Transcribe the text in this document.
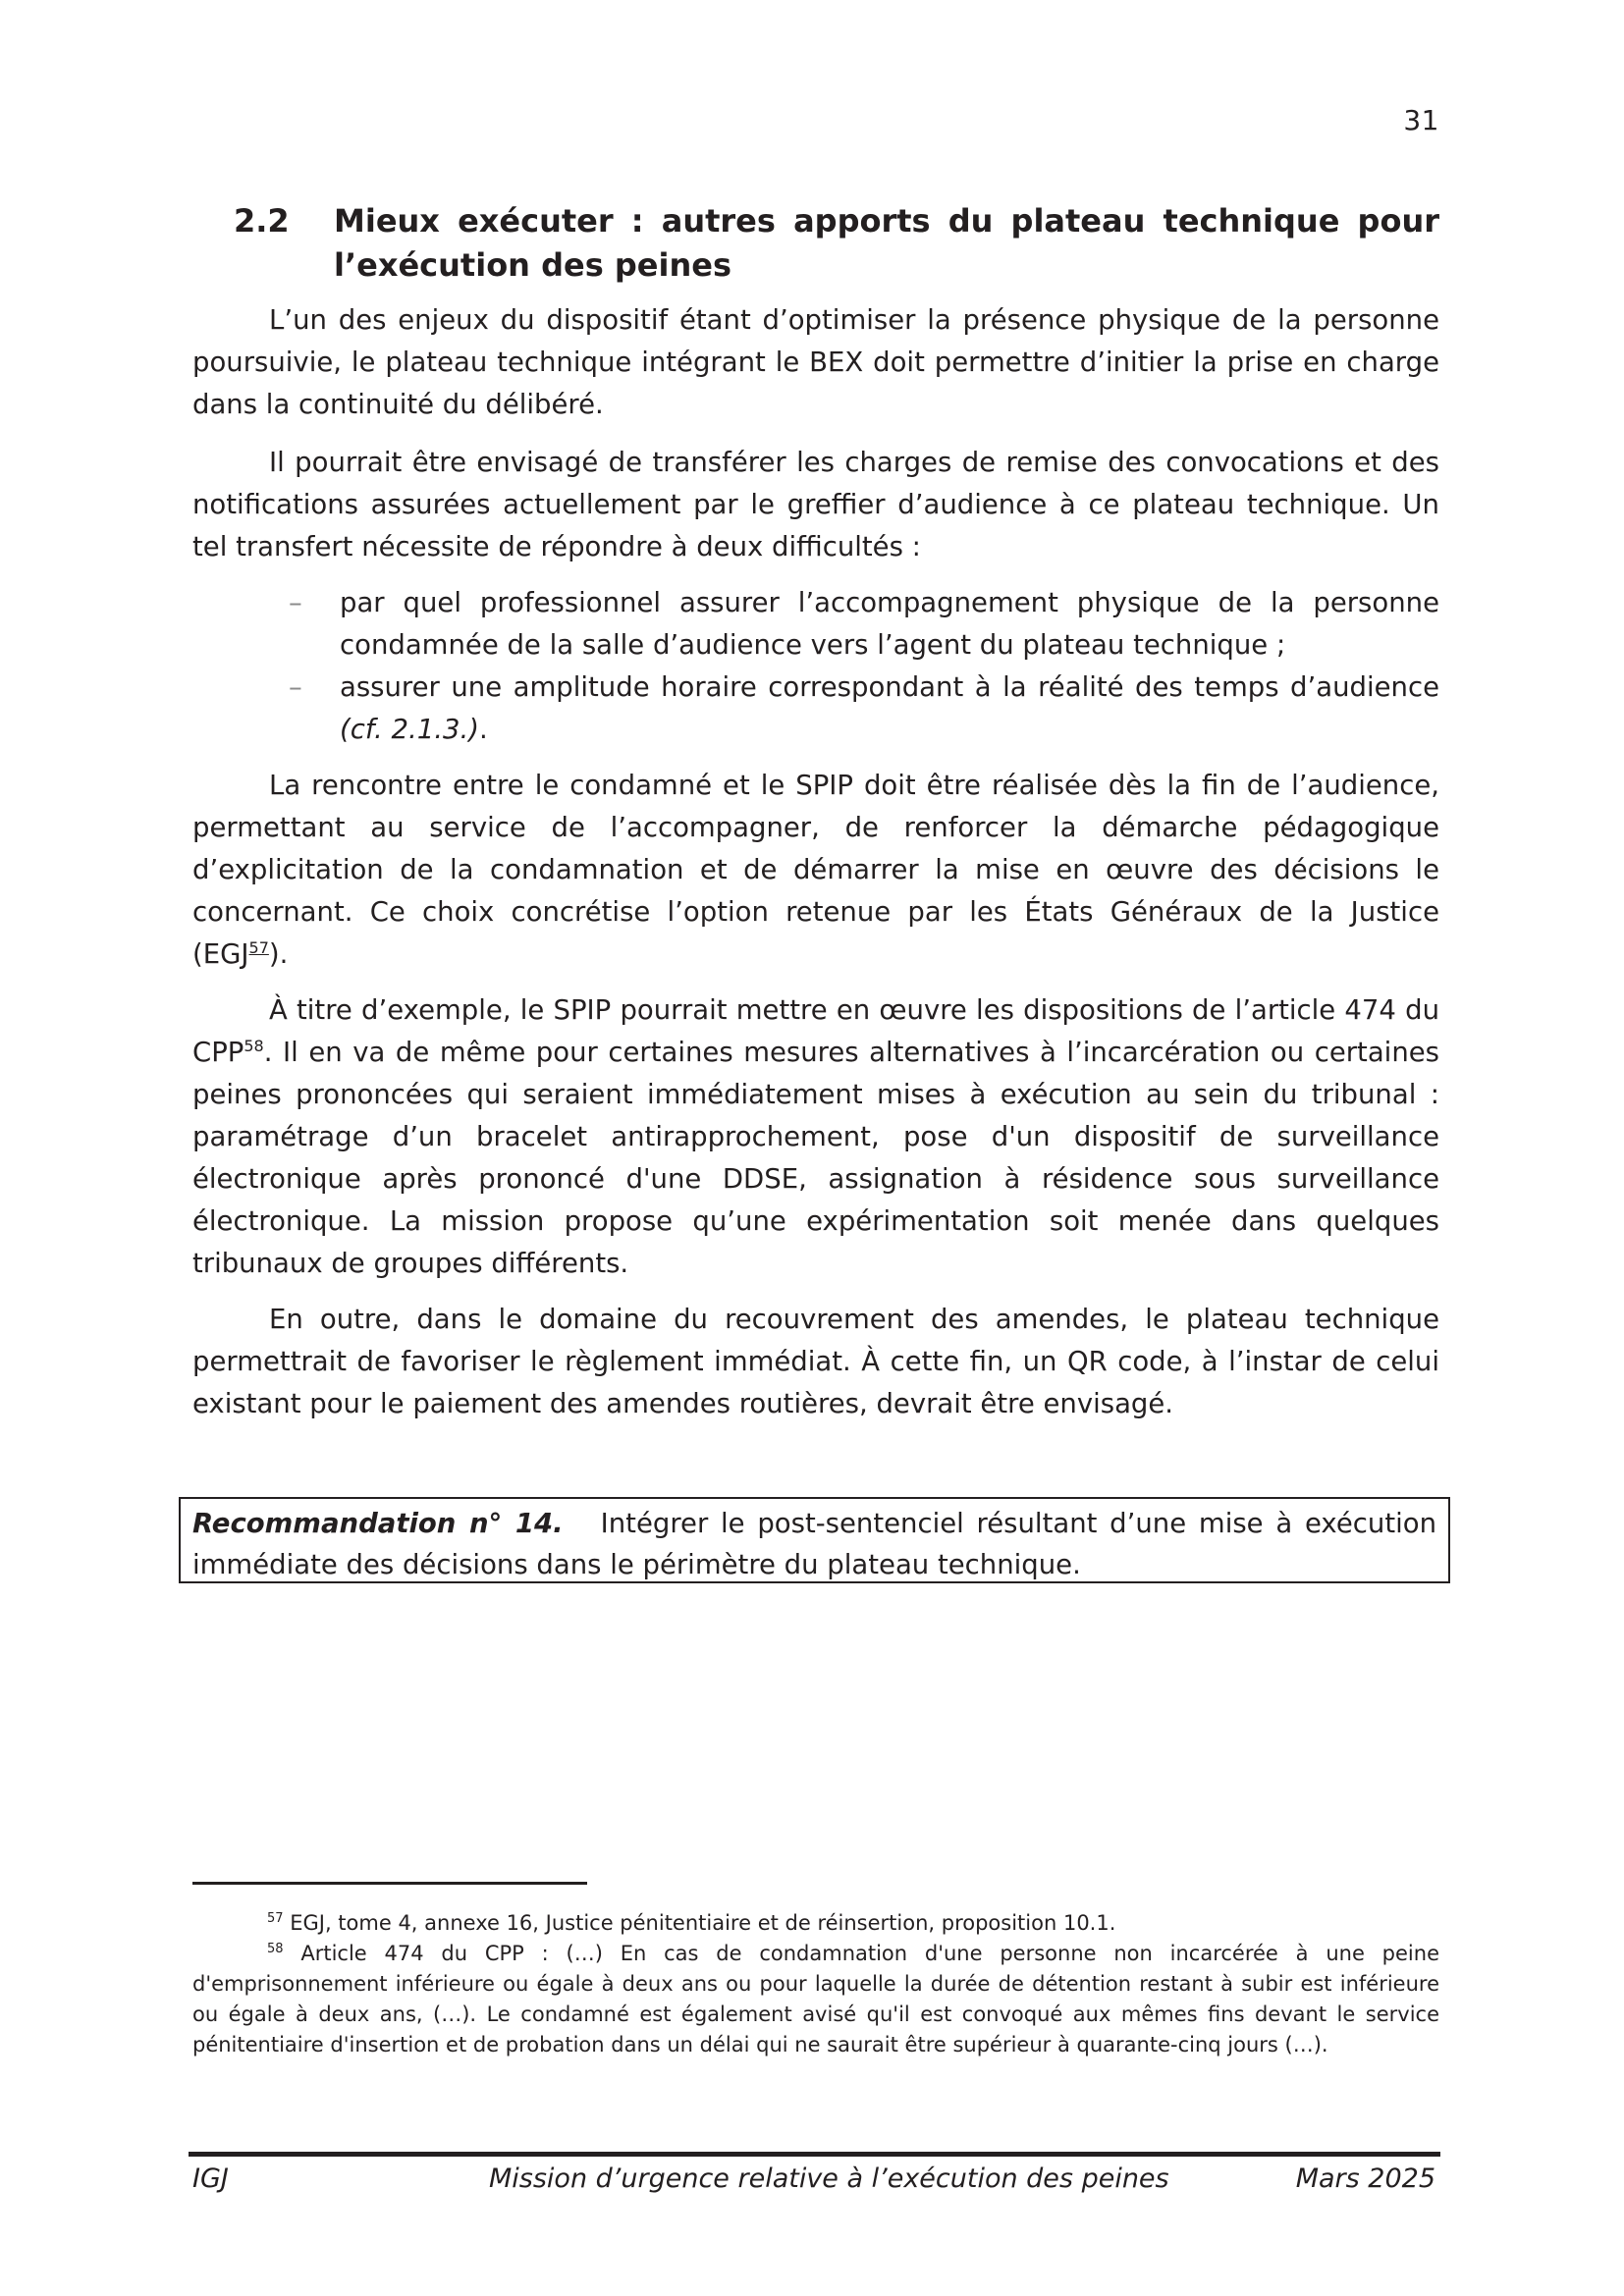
31
2.2 Mieux exécuter : autres apports du plateau technique pour
l’exécution des peines

L’un des enjeux du dispositif étant d’optimiser la présence physique de la personne poursuivie, le plateau technique intégrant le BEX doit permettre d’initier la prise en charge dans la continuité du délibéré.

Il pourrait être envisagé de transférer les charges de remise des convocations et des notifications assurées actuellement par le greffier d’audience à ce plateau technique. Un tel transfert nécessite de répondre à deux difficultés :

– par quel professionnel assurer l’accompagnement physique de la personne condamnée de la salle d’audience vers l’agent du plateau technique ;
– assurer une amplitude horaire correspondant à la réalité des temps d’audience (cf. 2.1.3.).

La rencontre entre le condamné et le SPIP doit être réalisée dès la fin de l’audience, permettant au service de l’accompagner, de renforcer la démarche pédagogique d’explicitation de la condamnation et de démarrer la mise en œuvre des décisions le concernant. Ce choix concrétise l’option retenue par les États Généraux de la Justice (EGJ$^{57}$).

À titre d’exemple, le SPIP pourrait mettre en œuvre les dispositions de l’article 474 du CPP$^{58}$. Il en va de même pour certaines mesures alternatives à l’incarcération ou certaines peines prononcées qui seraient immédiatement mises à exécution au sein du tribunal : paramétrage d’un bracelet antirapprochement, pose d'un dispositif de surveillance électronique après prononcé d'une DDSE, assignation à résidence sous surveillance électronique. La mission propose qu’une expérimentation soit menée dans quelques tribunaux de groupes différents.

En outre, dans le domaine du recouvrement des amendes, le plateau technique permettrait de favoriser le règlement immédiat. À cette fin, un QR code, à l’instar de celui existant pour le paiement des amendes routières, devrait être envisagé.

Recommandation n° 14. Intégrer le post-sentenciel résultant d’une mise à exécution immédiate des décisions dans le périmètre du plateau technique.

$^{57}$ EGJ, tome 4, annexe 16, Justice pénitentiaire et de réinsertion, proposition 10.1.

$^{58}$ Article 474 du CPP : (…) En cas de condamnation d'une personne non incarcérée à une peine d'emprisonnement inférieure ou égale à deux ans ou pour laquelle la durée de détention restant à subir est inférieure ou égale à deux ans, (…). Le condamné est également avisé qu'il est convoqué aux mêmes fins devant le service pénitentiaire d'insertion et de probation dans un délai qui ne saurait être supérieur à quarante-cinq jours (…).

IGJ	Mission d’urgence relative à l’exécution des peines	Mars 2025
